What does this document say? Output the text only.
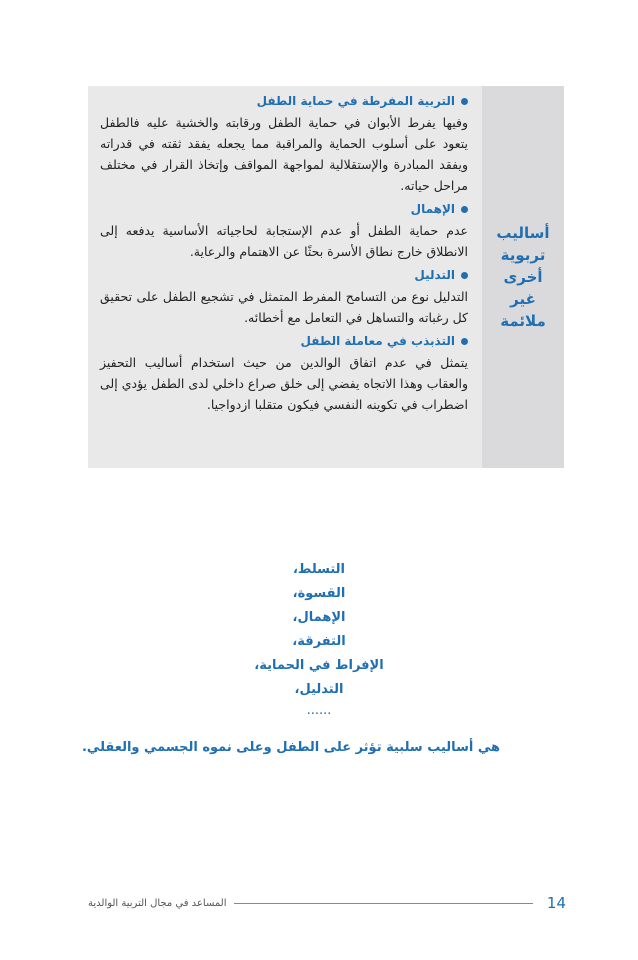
أساليب تربوية أخرى غير ملائمة
التربية المفرطة في حماية الطفل
وفيها يفرط الأبوان في حماية الطفل ورقابته والخشية عليه فالطفل يتعود على أسلوب الحماية والمراقبة مما يجعله يفقد ثقته في قدراته ويفقد المبادرة والإستقلالية لمواجهة المواقف وإتخاذ القرار في مختلف مراحل حياته.
الإهمال
عدم حماية الطفل أو عدم الإستجابة لحاجياته الأساسية يدفعه إلى الانطلاق خارج نطاق الأسرة بحثًا عن الاهتمام والرعاية.
التدليل
التدليل نوع من التسامح المفرط المتمثل في تشجيع الطفل على تحقيق كل رغباته والتساهل في التعامل مع أخطائه.
التذبذب في معاملة الطفل
يتمثل في عدم اتفاق الوالدين من حيث استخدام أساليب التحفيز والعقاب وهذا الاتجاه يفضي إلى خلق صراع داخلي لدى الطفل يؤدي إلى اضطراب في تكوينه النفسي فيكون متقلبا ازدواجيا.
التسلط،
القسوة،
الإهمال،
التفرقة،
الإفراط في الحماية،
التدليل،
......
هي أساليب سلبية تؤثر على الطفل وعلى نموه الجسمي والعقلي.
14
المساعد في مجال التربية الوالدية
